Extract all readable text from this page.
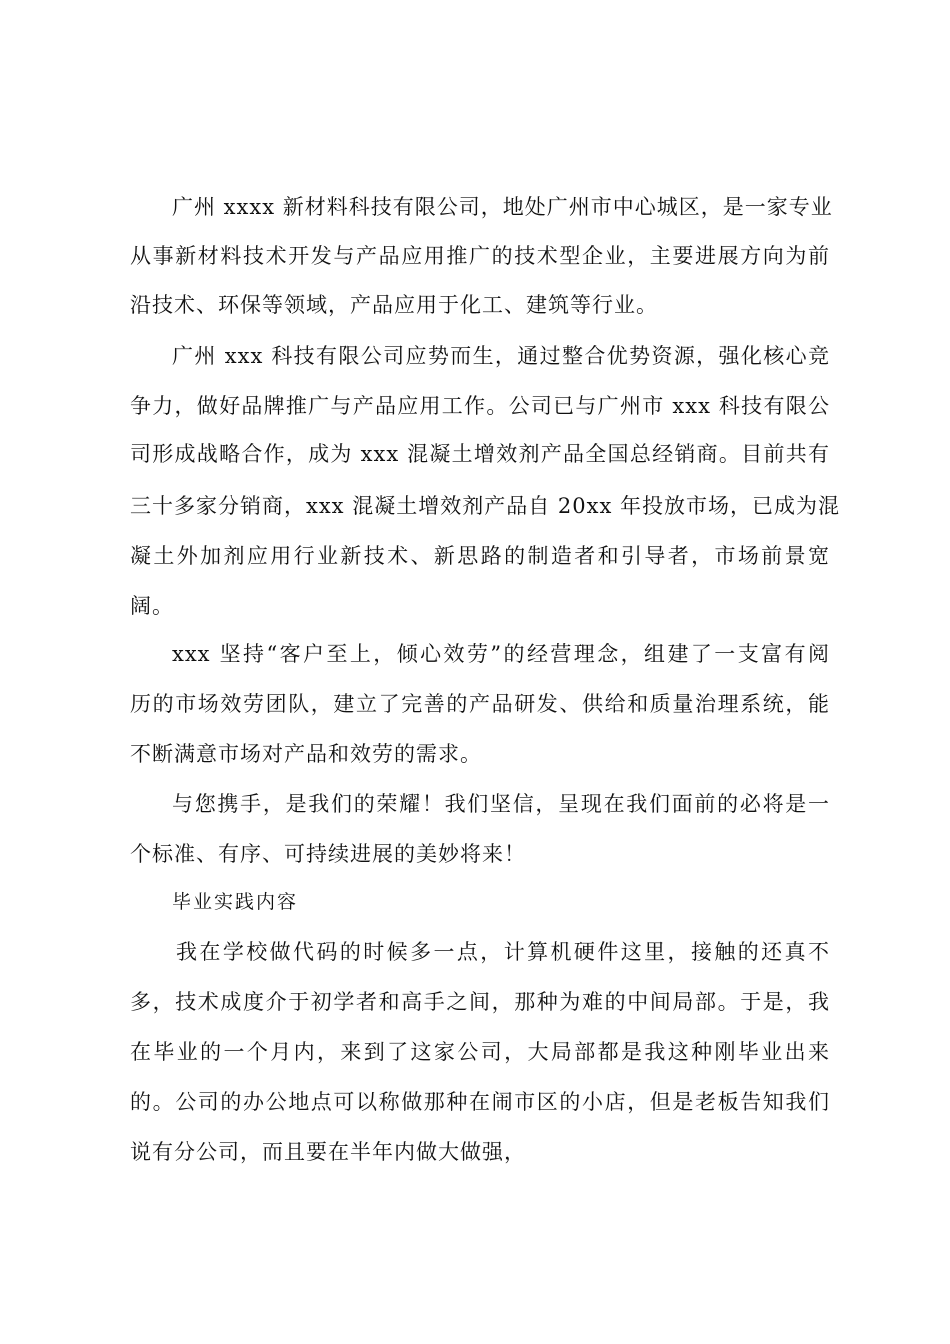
广州 xxxx 新材料科技有限公司，地处广州市中心城区，是一家专业
从事新材料技术开发与产品应用推广的技术型企业，主要进展方向为前
沿技术、环保等领域，产品应用于化工、建筑等行业。
广州 xxx 科技有限公司应势而生，通过整合优势资源，强化核心竞
争力，做好品牌推广与产品应用工作。公司已与广州市 xxx 科技有限公
司形成战略合作，成为 xxx 混凝土增效剂产品全国总经销商。目前共有
三十多家分销商，xxx 混凝土增效剂产品自 20xx 年投放市场，已成为混
凝土外加剂应用行业新技术、新思路的制造者和引导者，市场前景宽
阔。
xxx 坚持“客户至上，倾心效劳”的经营理念，组建了一支富有阅
历的市场效劳团队，建立了完善的产品研发、供给和质量治理系统，能
不断满意市场对产品和效劳的需求。
与您携手，是我们的荣耀！我们坚信，呈现在我们面前的必将是一
个标准、有序、可持续进展的美妙将来！
毕业实践内容
我在学校做代码的时候多一点，计算机硬件这里，接触的还真不
多，技术成度介于初学者和高手之间，那种为难的中间局部。于是，我
在毕业的一个月内，来到了这家公司，大局部都是我这种刚毕业出来
的。公司的办公地点可以称做那种在闹市区的小店，但是老板告知我们
说有分公司，而且要在半年内做大做强，
